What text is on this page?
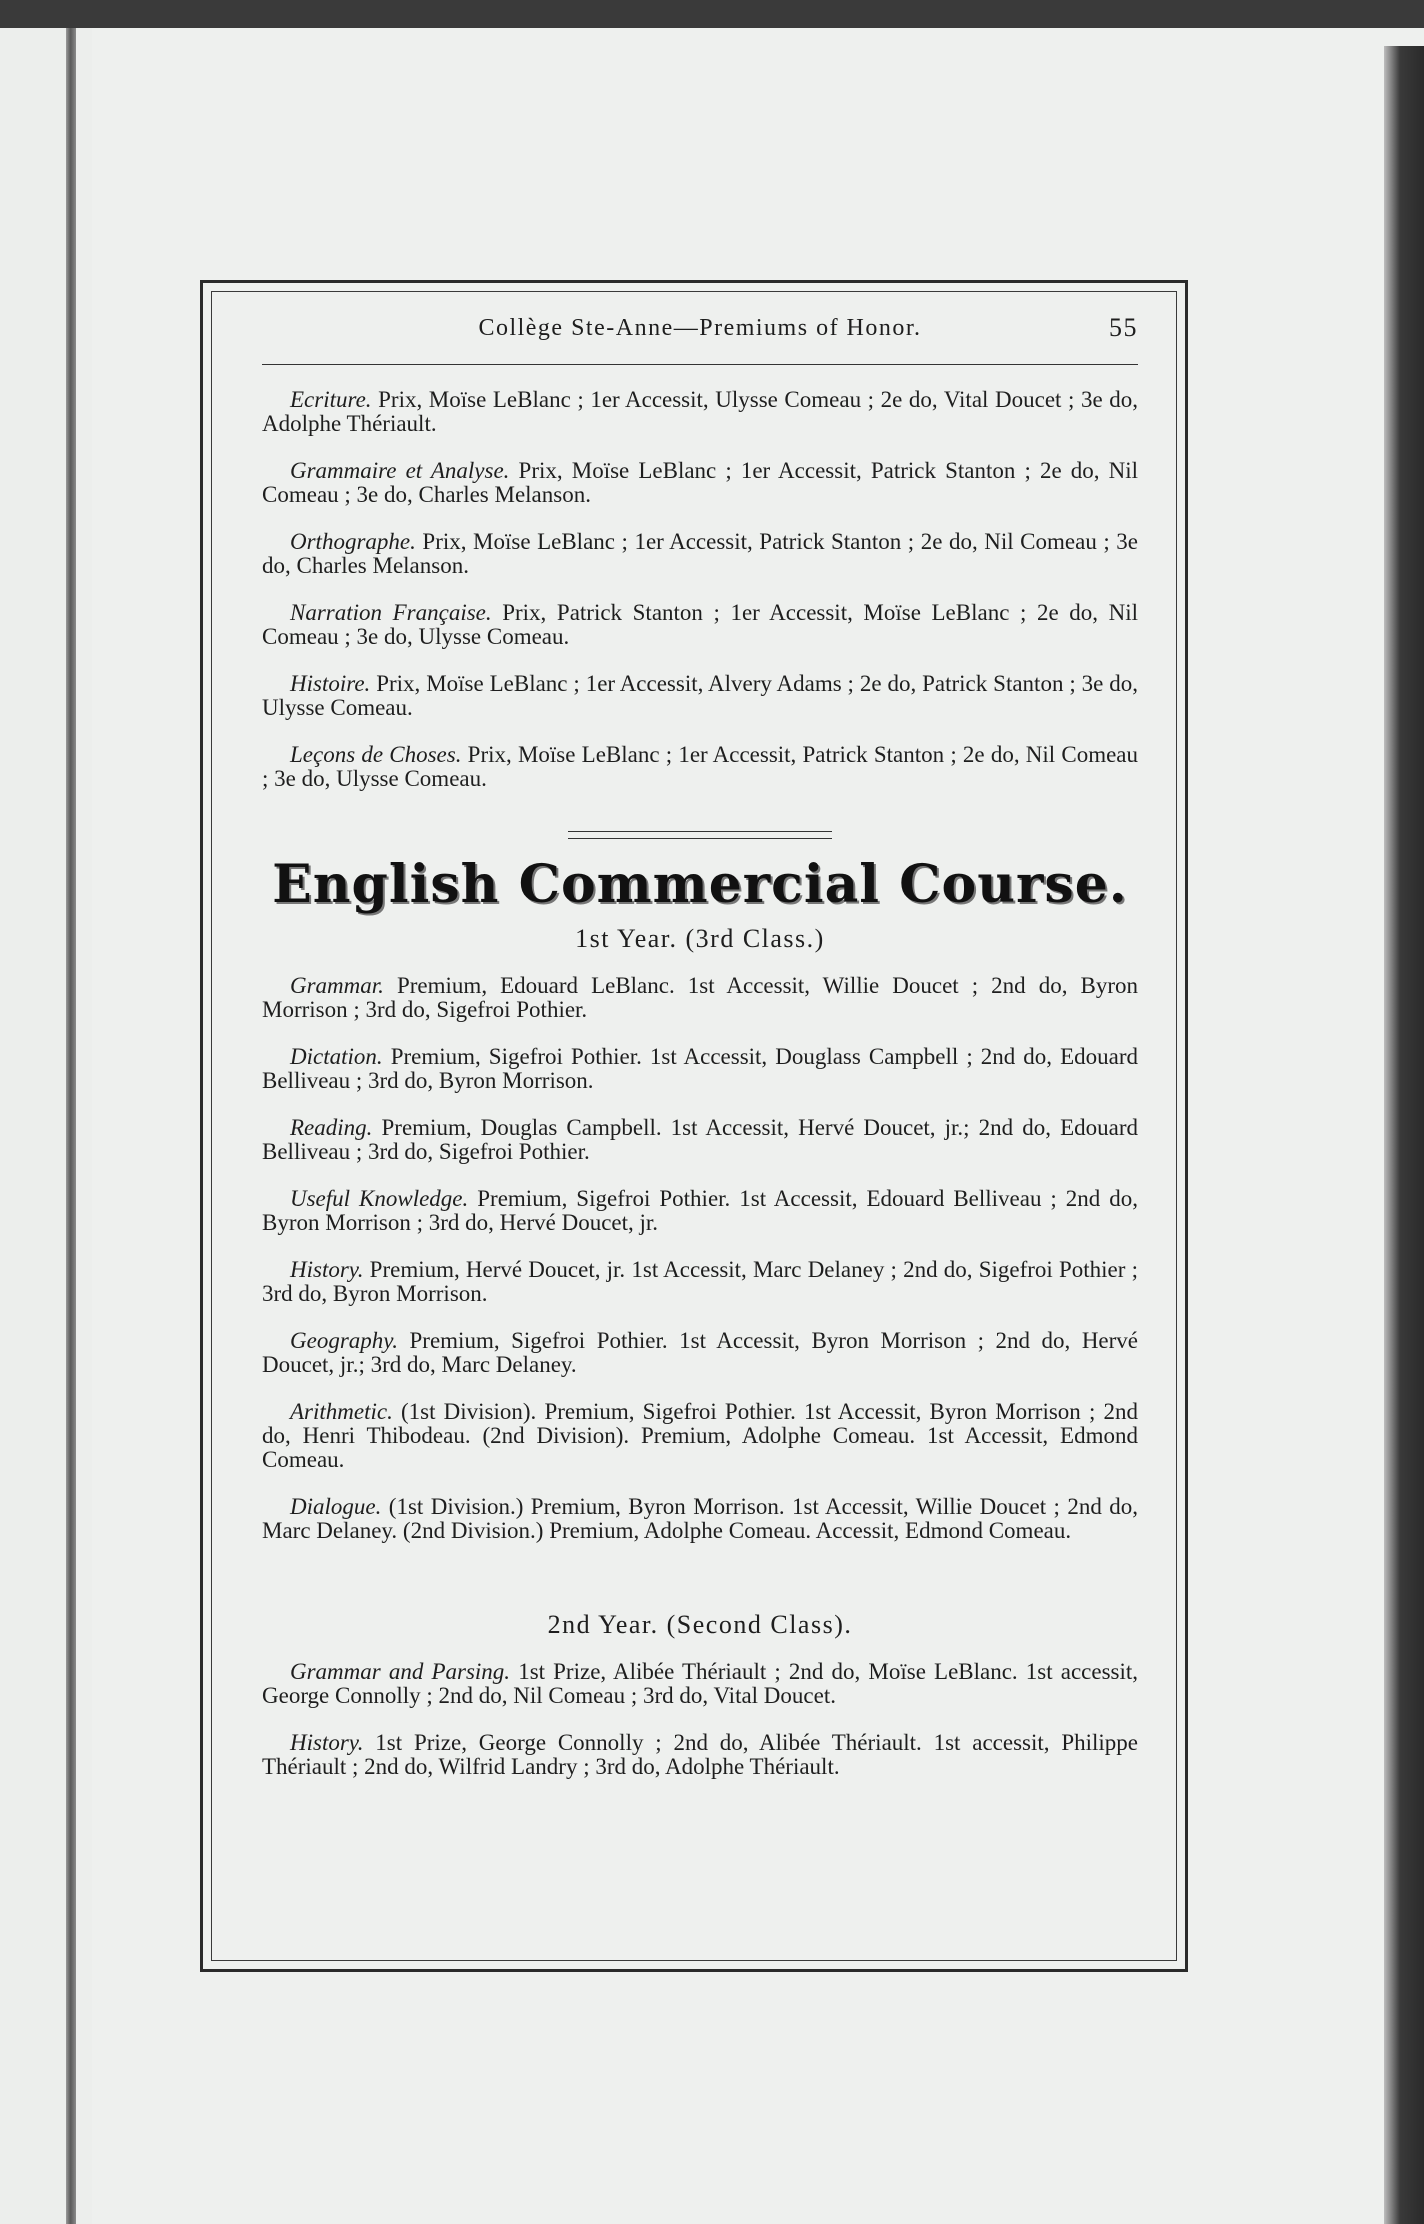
Collège Ste-Anne—Premiums of Honor.	55

Ecriture. Prix, Moïse LeBlanc ; 1er Accessit, Ulysse Comeau ; 2e do, Vital Doucet ; 3e do, Adolphe Thériault.

Grammaire et Analyse. Prix, Moïse LeBlanc ; 1er Accessit, Patrick Stanton ; 2e do, Nil Comeau ; 3e do, Charles Melanson.

Orthographe. Prix, Moïse LeBlanc ; 1er Accessit, Patrick Stanton ; 2e do, Nil Comeau ; 3e do, Charles Melanson.

Narration Française. Prix, Patrick Stanton ; 1er Accessit, Moïse LeBlanc ; 2e do, Nil Comeau ; 3e do, Ulysse Comeau.

Histoire. Prix, Moïse LeBlanc ; 1er Accessit, Alvery Adams ; 2e do, Patrick Stanton ; 3e do, Ulysse Comeau.

Leçons de Choses. Prix, Moïse LeBlanc ; 1er Accessit, Patrick Stanton ; 2e do, Nil Comeau ; 3e do, Ulysse Comeau.

English Commercial Course.
1st Year. (3rd Class.)

Grammar. Premium, Edouard LeBlanc. 1st Accessit, Willie Doucet ; 2nd do, Byron Morrison ; 3rd do, Sigefroi Pothier.

Dictation. Premium, Sigefroi Pothier. 1st Accessit, Douglass Campbell ; 2nd do, Edouard Belliveau ; 3rd do, Byron Morrison.

Reading. Premium, Douglas Campbell. 1st Accessit, Hervé Doucet, jr.; 2nd do, Edouard Belliveau ; 3rd do, Sigefroi Pothier.

Useful Knowledge. Premium, Sigefroi Pothier. 1st Accessit, Edouard Belliveau ; 2nd do, Byron Morrison ; 3rd do, Hervé Doucet, jr.

History. Premium, Hervé Doucet, jr. 1st Accessit, Marc Delaney ; 2nd do, Sigefroi Pothier ; 3rd do, Byron Morrison.

Geography. Premium, Sigefroi Pothier. 1st Accessit, Byron Morrison ; 2nd do, Hervé Doucet, jr.; 3rd do, Marc Delaney.

Arithmetic. (1st Division). Premium, Sigefroi Pothier. 1st Accessit, Byron Morrison ; 2nd do, Henri Thibodeau. (2nd Division). Premium, Adolphe Comeau. 1st Accessit, Edmond Comeau.

Dialogue. (1st Division.) Premium, Byron Morrison. 1st Accessit, Willie Doucet ; 2nd do, Marc Delaney. (2nd Division.) Premium, Adolphe Comeau. Accessit, Edmond Comeau.

2nd Year. (Second Class).

Grammar and Parsing. 1st Prize, Alibée Thériault ; 2nd do, Moïse LeBlanc. 1st accessit, George Connolly ; 2nd do, Nil Comeau ; 3rd do, Vital Doucet.

History. 1st Prize, George Connolly ; 2nd do, Alibée Thériault. 1st accessit, Philippe Thériault ; 2nd do, Wilfrid Landry ; 3rd do, Adolphe Thériault.
